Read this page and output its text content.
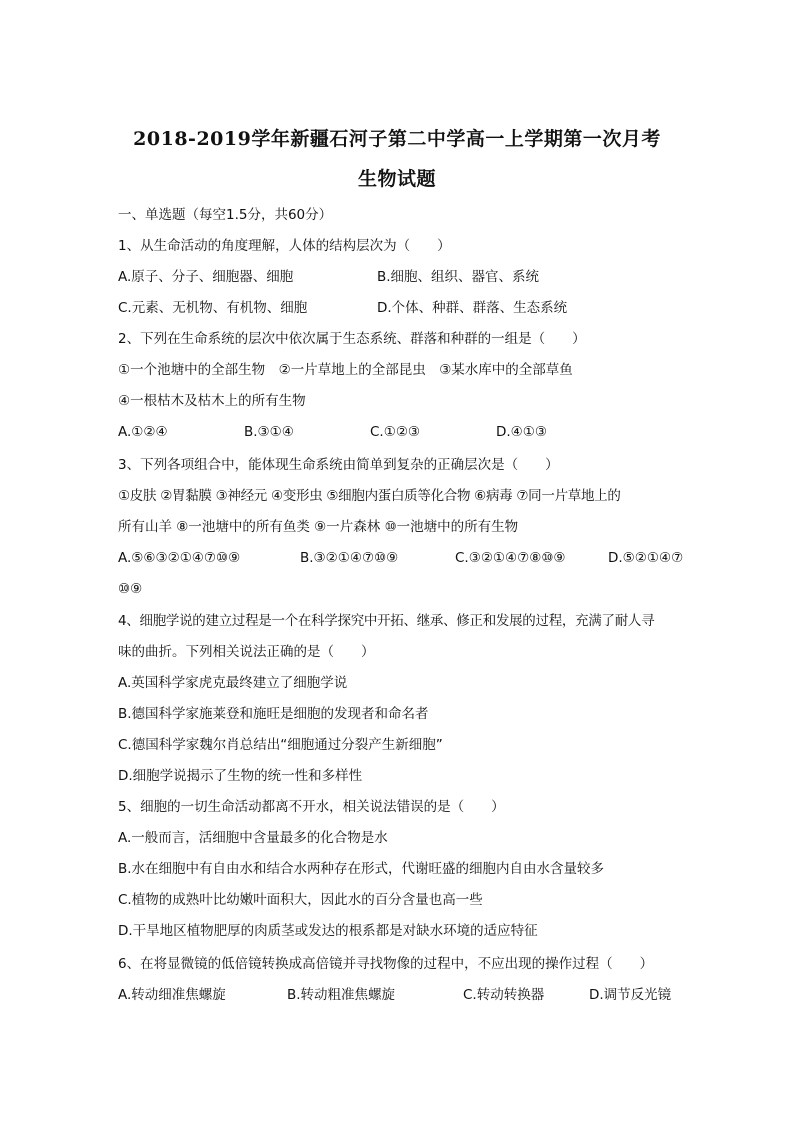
2018-2019学年新疆石河子第二中学高一上学期第一次月考
生物试题
一、单选题（每空1.5分，共60分）
1、从生命活动的角度理解，人体的结构层次为（　　）
A.原子、分子、细胞器、细胞	B.细胞、组织、器官、系统
C.元素、无机物、有机物、细胞	D.个体、种群、群落、生态系统
2、下列在生命系统的层次中依次属于生态系统、群落和种群的一组是（　　）
①一个池塘中的全部生物　②一片草地上的全部昆虫　③某水库中的全部草鱼
④一根枯木及枯木上的所有生物
A.①②④	B.③①④	C.①②③	D.④①③
3、下列各项组合中，能体现生命系统由简单到复杂的正确层次是（　　）
①皮肤 ②胃黏膜 ③神经元 ④变形虫 ⑤细胞内蛋白质等化合物 ⑥病毒 ⑦同一片草地上的
所有山羊 ⑧一池塘中的所有鱼类 ⑨一片森林 ⑩一池塘中的所有生物
A.⑤⑥③②①④⑦⑩⑨	B.③②①④⑦⑩⑨	C.③②①④⑦⑧⑩⑨	D.⑤②①④⑦
⑩⑨
4、细胞学说的建立过程是一个在科学探究中开拓、继承、修正和发展的过程，充满了耐人寻
味的曲折。下列相关说法正确的是（　　）
A.英国科学家虎克最终建立了细胞学说
B.德国科学家施莱登和施旺是细胞的发现者和命名者
C.德国科学家魏尔肖总结出“细胞通过分裂产生新细胞”
D.细胞学说揭示了生物的统一性和多样性
5、细胞的一切生命活动都离不开水，相关说法错误的是（　　）
A.一般而言，活细胞中含量最多的化合物是水
B.水在细胞中有自由水和结合水两种存在形式，代谢旺盛的细胞内自由水含量较多
C.植物的成熟叶比幼嫩叶面积大，因此水的百分含量也高一些
D.干旱地区植物肥厚的肉质茎或发达的根系都是对缺水环境的适应特征
6、在将显微镜的低倍镜转换成高倍镜并寻找物像的过程中，不应出现的操作过程（　　）
A.转动细准焦螺旋	B.转动粗准焦螺旋	C.转动转换器	D.调节反光镜
